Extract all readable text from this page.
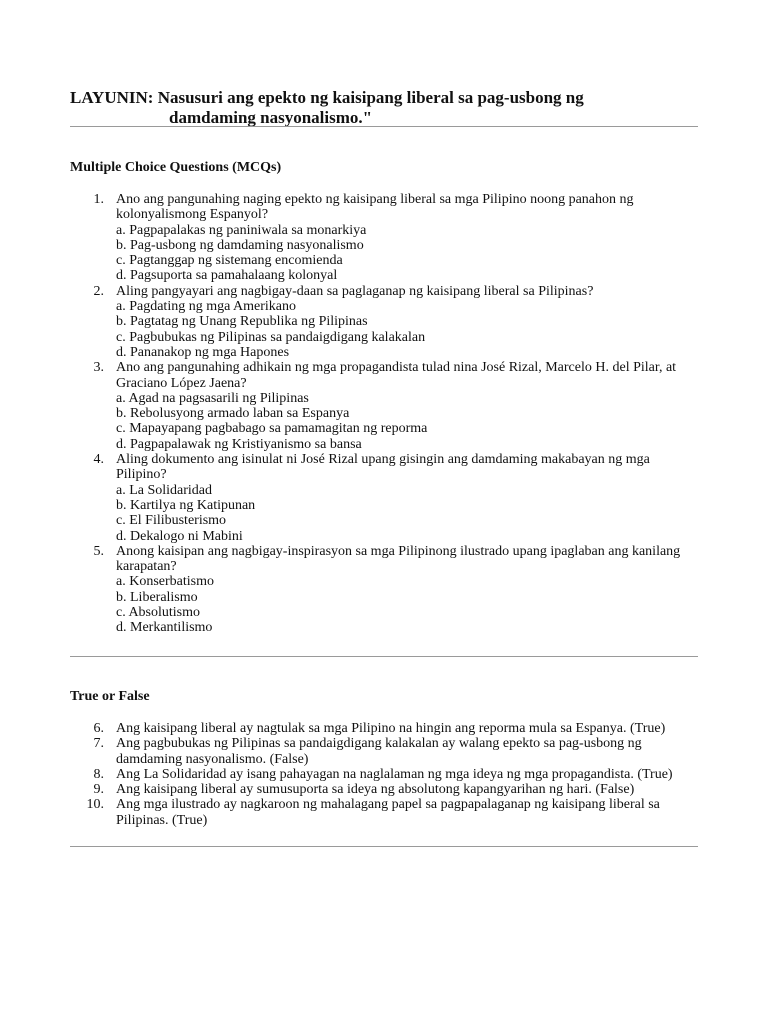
LAYUNIN: Nasusuri ang epekto ng kaisipang liberal sa pag-usbong ng
damdaming nasyonalismo."
Multiple Choice Questions (MCQs)
1. Ano ang pangunahing naging epekto ng kaisipang liberal sa mga Pilipino noong panahon ng kolonyalismong Espanyol?
a. Pagpapalakas ng paniniwala sa monarkiya
b. Pag-usbong ng damdaming nasyonalismo
c. Pagtanggap ng sistemang encomienda
d. Pagsuporta sa pamahalaang kolonyal
2. Aling pangyayari ang nagbigay-daan sa paglaganap ng kaisipang liberal sa Pilipinas?
a. Pagdating ng mga Amerikano
b. Pagtatag ng Unang Republika ng Pilipinas
c. Pagbubukas ng Pilipinas sa pandaigdigang kalakalan
d. Pananakop ng mga Hapones
3. Ano ang pangunahing adhikain ng mga propagandista tulad nina José Rizal, Marcelo H. del Pilar, at Graciano López Jaena?
a. Agad na pagsasarili ng Pilipinas
b. Rebolusyong armado laban sa Espanya
c. Mapayapang pagbabago sa pamamagitan ng reporma
d. Pagpapalawak ng Kristiyanismo sa bansa
4. Aling dokumento ang isinulat ni José Rizal upang gisingin ang damdaming makabayan ng mga Pilipino?
a. La Solidaridad
b. Kartilya ng Katipunan
c. El Filibusterismo
d. Dekalogo ni Mabini
5. Anong kaisipan ang nagbigay-inspirasyon sa mga Pilipinong ilustrado upang ipaglaban ang kanilang karapatan?
a. Konserbatismo
b. Liberalismo
c. Absolutismo
d. Merkantilismo
True or False
6. Ang kaisipang liberal ay nagtulak sa mga Pilipino na hingin ang reporma mula sa Espanya. (True)
7. Ang pagbubukas ng Pilipinas sa pandaigdigang kalakalan ay walang epekto sa pag-usbong ng damdaming nasyonalismo. (False)
8. Ang La Solidaridad ay isang pahayagan na naglalaman ng mga ideya ng mga propagandista. (True)
9. Ang kaisipang liberal ay sumusuporta sa ideya ng absolutong kapangyarihan ng hari. (False)
10. Ang mga ilustrado ay nagkaroon ng mahalagang papel sa pagpapalaganap ng kaisipang liberal sa Pilipinas. (True)
